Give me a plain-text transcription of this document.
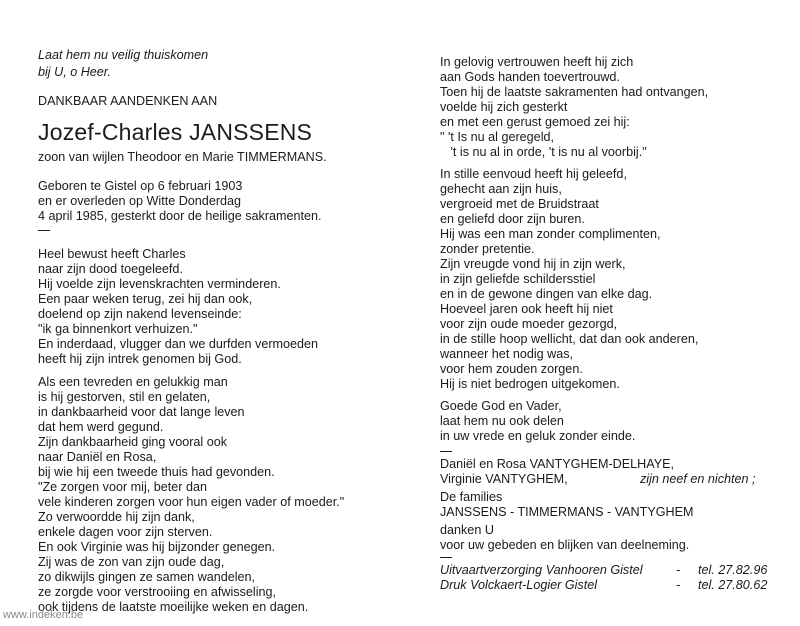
Laat hem nu veilig thuiskomen
bij U, o Heer.
DANKBAAR AANDENKEN AAN
Jozef-Charles JANSSENS
zoon van wijlen Theodoor en Marie TIMMERMANS.
Geboren te Gistel op 6 februari 1903
en er overleden op Witte Donderdag
4 april 1985, gesterkt door de heilige sakramenten.
Heel bewust heeft Charles
naar zijn dood toegeleefd.
Hij voelde zijn levenskrachten verminderen.
Een paar weken terug, zei hij dan ook,
doelend op zijn nakend levenseinde:
"ik ga binnenkort verhuizen."
En inderdaad, vlugger dan we durfden vermoeden
heeft hij zijn intrek genomen bij God.
Als een tevreden en gelukkig man
is hij gestorven, stil en gelaten,
in dankbaarheid voor dat lange leven
dat hem werd gegund.
Zijn dankbaarheid ging vooral ook
naar Daniël en Rosa,
bij wie hij een tweede thuis had gevonden.
"Ze zorgen voor mij, beter dan
vele kinderen zorgen voor hun eigen vader of moeder."
Zo verwoordde hij zijn dank,
enkele dagen voor zijn sterven.
En ook Virginie was hij bijzonder genegen.
Zij was de zon van zijn oude dag,
zo dikwijls gingen ze samen wandelen,
ze zorgde voor verstrooiing en afwisseling,
ook tijdens de laatste moeilijke weken en dagen.
In gelovig vertrouwen heeft hij zich
aan Gods handen toevertrouwd.
Toen hij de laatste sakramenten had ontvangen,
voelde hij zich gesterkt
en met een gerust gemoed zei hij:
" 't Is nu al geregeld,
't is nu al in orde, 't is nu al voorbij."
In stille eenvoud heeft hij geleefd,
gehecht aan zijn huis,
vergroeid met de Bruidstraat
en geliefd door zijn buren.
Hij was een man zonder complimenten,
zonder pretentie.
Zijn vreugde vond hij in zijn werk,
in zijn geliefde schildersstiel
en in de gewone dingen van elke dag.
Hoeveel jaren ook heeft hij niet
voor zijn oude moeder gezorgd,
in de stille hoop wellicht, dat dan ook anderen,
wanneer het nodig was,
voor hem zouden zorgen.
Hij is niet bedrogen uitgekomen.
Goede God en Vader,
laat hem nu ook delen
in uw vrede en geluk zonder einde.
Daniël en Rosa VANTYGHEM-DELHAYE,
Virginie VANTYGHEM,	zijn neef en nichten ;
De families
JANSSENS - TIMMERMANS - VANTYGHEM
danken U
voor uw gebeden en blijken van deelneming.
Uitvaartverzorging Vanhooren Gistel	- tel. 27.82.96
Druk Volckaert-Logier Gistel	- tel. 27.80.62
www.indeken.be
